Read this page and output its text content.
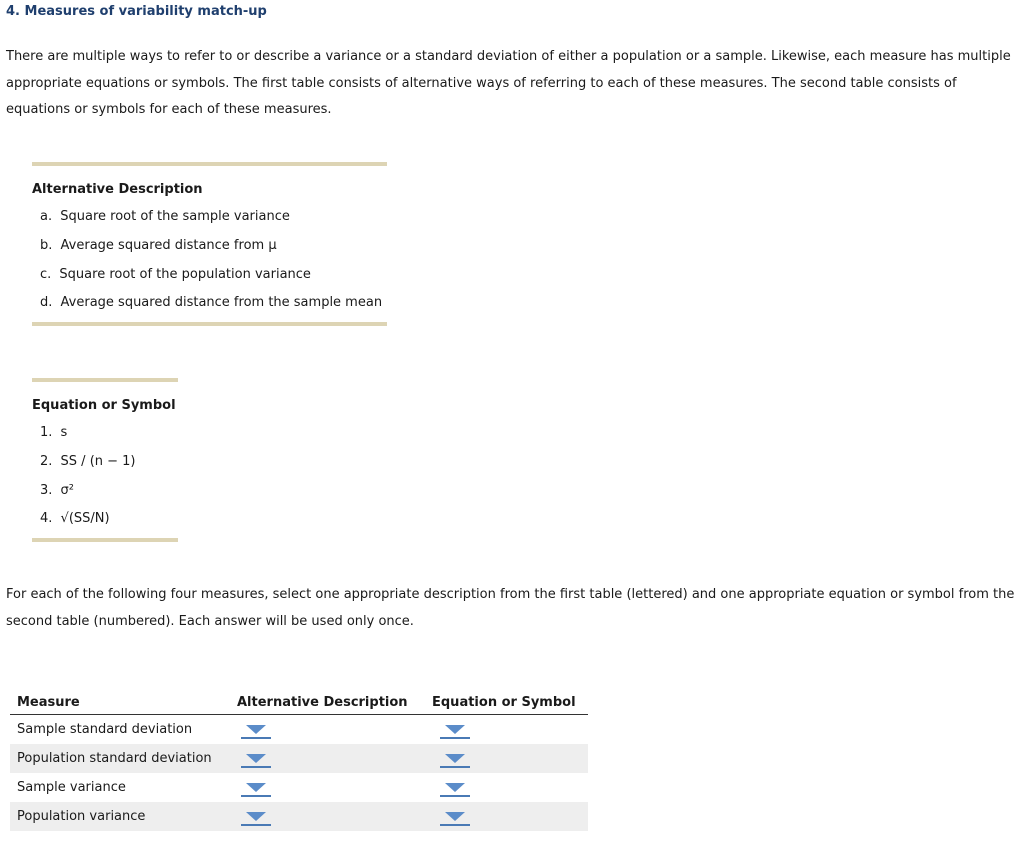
4. Measures of variability match-up
There are multiple ways to refer to or describe a variance or a standard deviation of either a population or a sample. Likewise, each measure has multiple appropriate equations or symbols. The first table consists of alternative ways of referring to each of these measures. The second table consists of equations or symbols for each of these measures.
Alternative Description
a. Square root of the sample variance
b. Average squared distance from μ
c. Square root of the population variance
d. Average squared distance from the sample mean
Equation or Symbol
1. s
2. SS / (n − 1)
3. σ²
4. √(SS/N)
For each of the following four measures, select one appropriate description from the first table (lettered) and one appropriate equation or symbol from the second table (numbered). Each answer will be used only once.
Measure	Alternative Description	Equation or Symbol
Sample standard deviation	

Population standard deviation	

Sample variance	

Population variance	
